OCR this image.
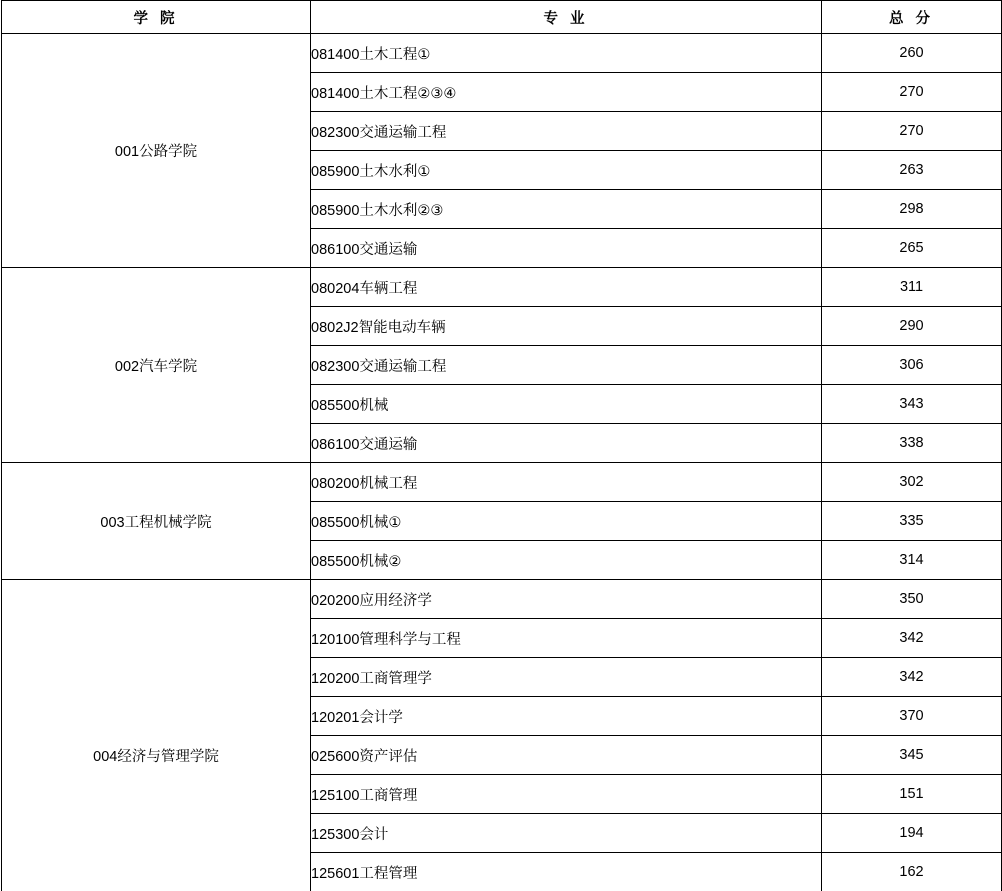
学 院	专 业	总 分
001公路学院	081400土木工程①	260
	081400土木工程②③④	270
	082300交通运输工程	270
	085900土木水利①	263
	085900土木水利②③	298
	086100交通运输	265
002汽车学院	080204车辆工程	311
	0802J2智能电动车辆	290
	082300交通运输工程	306
	085500机械	343
	086100交通运输	338
003工程机械学院	080200机械工程	302
	085500机械①	335
	085500机械②	314
004经济与管理学院	020200应用经济学	350
	120100管理科学与工程	342
	120200工商管理学	342
	120201会计学	370
	025600资产评估	345
	125100工商管理	151
	125300会计	194
	125601工程管理	162
